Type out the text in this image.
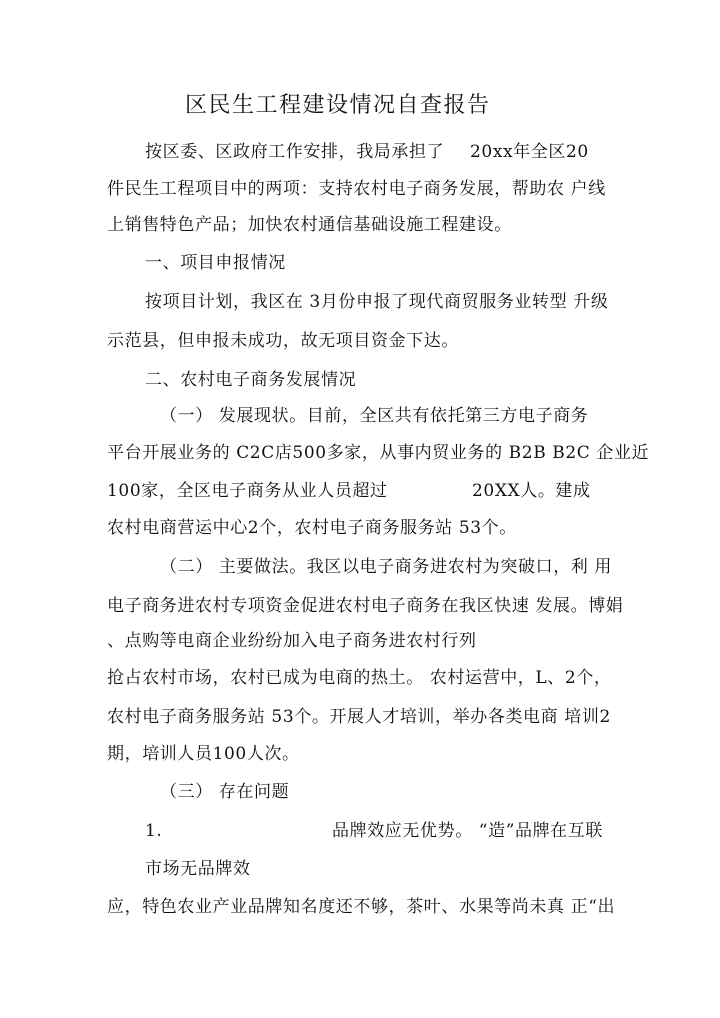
区民生工程建设情况自查报告
按区委、区政府工作安排，我局承担了 20xx年全区20
件民生工程项目中的两项：支持农村电子商务发展，帮助农 户线
上销售特色产品；加快农村通信基础设施工程建设。
一、项目申报情况
按项目计划，我区在 3月份申报了现代商贸服务业转型 升级
示范县，但申报未成功，故无项目资金下达。
二、农村电子商务发展情况
（一） 发展现状。目前，全区共有依托第三方电子商务
平台开展业务的 C2C店500多家，从事内贸业务的 B2B B2C 企业近
100家，全区电子商务从业人员超过	20XX人。建成
农村电商营运中心2个，农村电子商务服务站 53个。
（二） 主要做法。我区以电子商务进农村为突破口，利 用
电子商务进农村专项资金促进农村电子商务在我区快速 发展。博娟
、点购等电商企业纷纷加入电子商务进农村行列
抢占农村市场，农村已成为电商的热土。 农村运营中，L、2个，
农村电子商务服务站 53个。开展人才培训，举办各类电商 培训2
期，培训人员100人次。
（三） 存在问题
1.	品牌效应无优势。 “造”品牌在互联
市场无品牌效
应，特色农业产业品牌知名度还不够，茶叶、水果等尚未真 正“出
